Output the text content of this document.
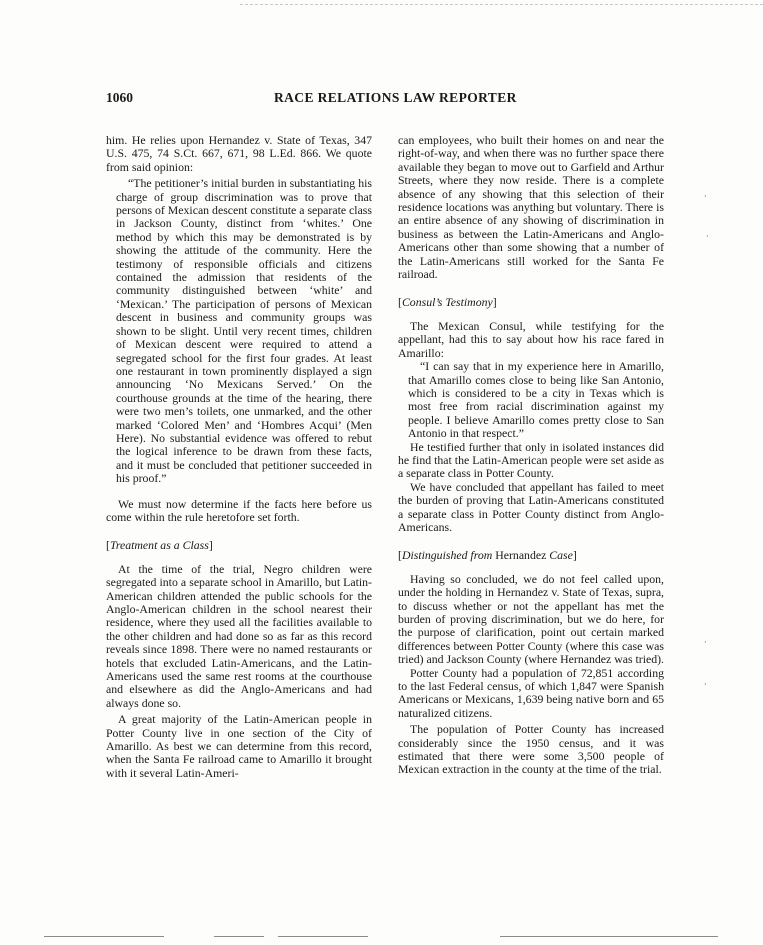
1060	RACE RELATIONS LAW REPORTER

him. He relies upon Hernandez v. State of Texas, 347 U.S. 475, 74 S.Ct. 667, 671, 98 L.Ed. 866. We quote from said opinion:

“The petitioner’s initial burden in substantiating his charge of group discrimination was to prove that persons of Mexican descent constitute a separate class in Jackson County, distinct from ‘whites.’ One method by which this may be demonstrated is by showing the attitude of the community. Here the testimony of responsible officials and citizens contained the admission that residents of the community distinguished between ‘white’ and ‘Mexican.’ The participation of persons of Mexican descent in business and community groups was shown to be slight. Until very recent times, children of Mexican descent were required to attend a segregated school for the first four grades. At least one restaurant in town prominently displayed a sign announcing ‘No Mexicans Served.’ On the courthouse grounds at the time of the hearing, there were two men’s toilets, one unmarked, and the other marked ‘Colored Men’ and ‘Hombres Acqui’ (Men Here). No substantial evidence was offered to rebut the logical inference to be drawn from these facts, and it must be concluded that petitioner succeeded in his proof.”

We must now determine if the facts here before us come within the rule heretofore set forth.

[Treatment as a Class]

At the time of the trial, Negro children were segregated into a separate school in Amarillo, but Latin-American children attended the public schools for the Anglo-American children in the school nearest their residence, where they used all the facilities available to the other children and had done so as far as this record reveals since 1898. There were no named restaurants or hotels that excluded Latin-Americans, and the Latin-Americans used the same rest rooms at the courthouse and elsewhere as did the Anglo-Americans and had always done so.

A great majority of the Latin-American people in Potter County live in one section of the City of Amarillo. As best we can determine from this record, when the Santa Fe railroad came to Amarillo it brought with it several Latin-Ameri-

can employees, who built their homes on and near the right-of-way, and when there was no further space there available they began to move out to Garfield and Arthur Streets, where they now reside. There is a complete absence of any showing that this selection of their residence locations was anything but voluntary. There is an entire absence of any showing of discrimination in business as between the Latin-Americans and Anglo-Americans other than some showing that a number of the Latin-Americans still worked for the Santa Fe railroad.

[Consul’s Testimony]

The Mexican Consul, while testifying for the appellant, had this to say about how his race fared in Amarillo:

“I can say that in my experience here in Amarillo, that Amarillo comes close to being like San Antonio, which is considered to be a city in Texas which is most free from racial discrimination against my people. I believe Amarillo comes pretty close to San Antonio in that respect.”

He testified further that only in isolated instances did he find that the Latin-American people were set aside as a separate class in Potter County.

We have concluded that appellant has failed to meet the burden of proving that Latin-Americans constituted a separate class in Potter County distinct from Anglo-Americans.

[Distinguished from Hernandez Case]

Having so concluded, we do not feel called upon, under the holding in Hernandez v. State of Texas, supra, to discuss whether or not the appellant has met the burden of proving discrimination, but we do here, for the purpose of clarification, point out certain marked differences between Potter County (where this case was tried) and Jackson County (where Hernandez was tried).

Potter County had a population of 72,851 according to the last Federal census, of which 1,847 were Spanish Americans or Mexicans, 1,639 being native born and 65 naturalized citizens.

The population of Potter County has increased considerably since the 1950 census, and it was estimated that there were some 3,500 people of Mexican extraction in the county at the time of the trial.

·
·
·
·
